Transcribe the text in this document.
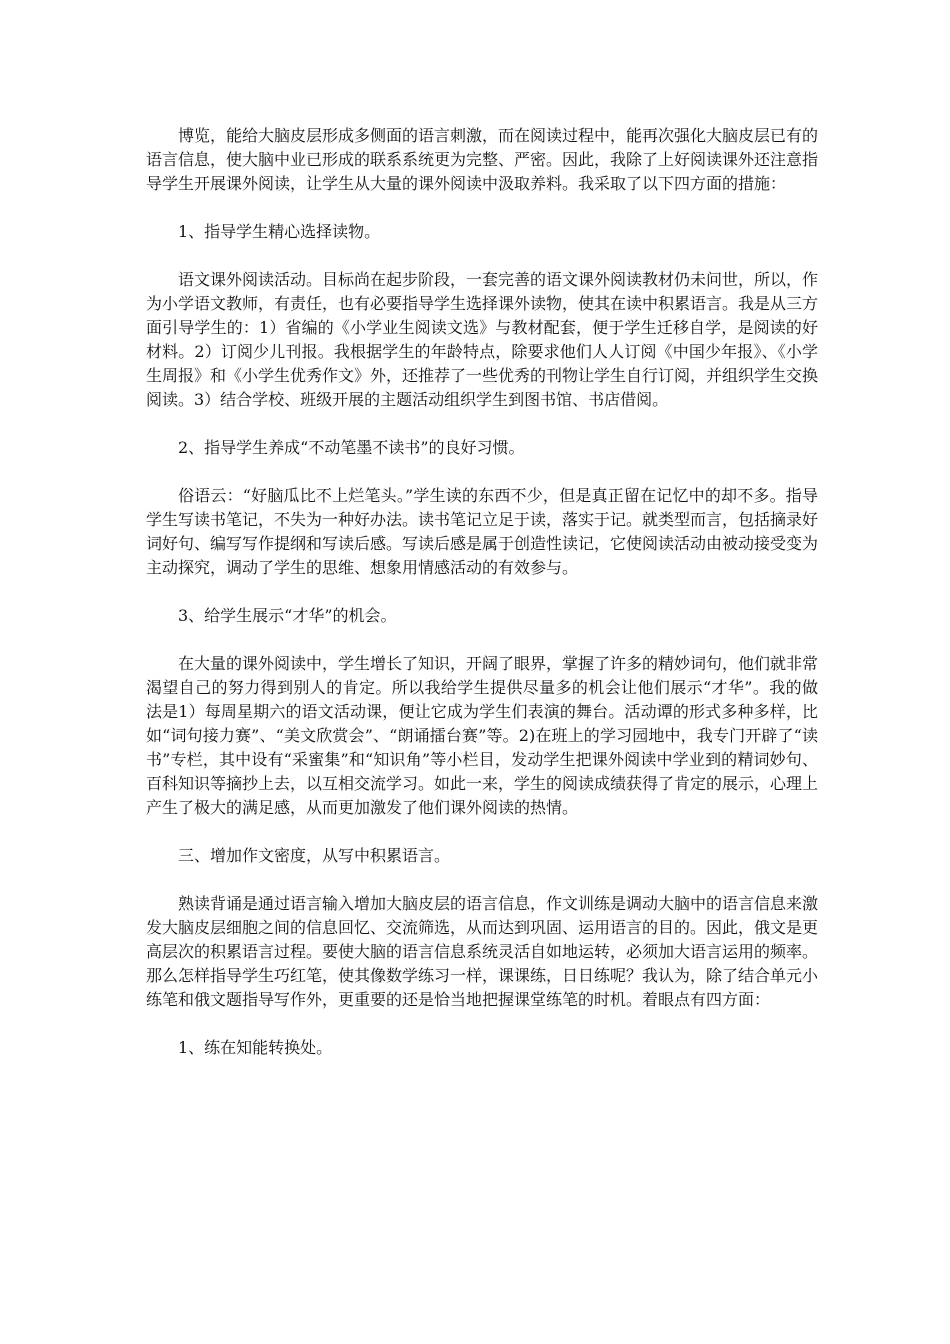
博览，能给大脑皮层形成多侧面的语言刺激，而在阅读过程中，能再次强化大脑皮层已有的语言信息，使大脑中业已形成的联系系统更为完整、严密。因此，我除了上好阅读课外还注意指导学生开展课外阅读，让学生从大量的课外阅读中汲取养料。我采取了以下四方面的措施：

1、指导学生精心选择读物。

语文课外阅读活动。目标尚在起步阶段，一套完善的语文课外阅读教材仍未问世，所以，作为小学语文教师，有责任，也有必要指导学生选择课外读物，使其在读中积累语言。我是从三方面引导学生的：1）省编的《小学业生阅读文选》与教材配套，便于学生迁移自学，是阅读的好材料。2）订阅少儿刊报。我根据学生的年龄特点，除要求他们人人订阅《中国少年报》、《小学生周报》和《小学生优秀作文》外，还推荐了一些优秀的刊物让学生自行订阅，并组织学生交换阅读。3）结合学校、班级开展的主题活动组织学生到图书馆、书店借阅。

2、指导学生养成“不动笔墨不读书”的良好习惯。

俗语云：“好脑瓜比不上烂笔头。”学生读的东西不少，但是真正留在记忆中的却不多。指导学生写读书笔记，不失为一种好办法。读书笔记立足于读，落实于记。就类型而言，包括摘录好词好句、编写写作提纲和写读后感。写读后感是属于创造性读记，它使阅读活动由被动接受变为主动探究，调动了学生的思维、想象用情感活动的有效参与。

3、给学生展示“才华”的机会。

在大量的课外阅读中，学生增长了知识，开阔了眼界，掌握了许多的精妙词句，他们就非常渴望自己的努力得到别人的肯定。所以我给学生提供尽量多的机会让他们展示“才华”。我的做法是1）每周星期六的语文活动课，便让它成为学生们表演的舞台。活动谭的形式多种多样，比如“词句接力赛”、“美文欣赏会”、“朗诵擂台赛”等。2)在班上的学习园地中，我专门开辟了“读书”专栏，其中设有“采蜜集”和“知识角”等小栏目，发动学生把课外阅读中学业到的精词妙句、百科知识等摘抄上去，以互相交流学习。如此一来，学生的阅读成绩获得了肯定的展示，心理上产生了极大的满足感，从而更加激发了他们课外阅读的热情。

三、增加作文密度，从写中积累语言。

熟读背诵是通过语言输入增加大脑皮层的语言信息，作文训练是调动大脑中的语言信息来激发大脑皮层细胞之间的信息回忆、交流筛选，从而达到巩固、运用语言的目的。因此，俄文是更高层次的积累语言过程。要使大脑的语言信息系统灵活自如地运转，必须加大语言运用的频率。那么怎样指导学生巧红笔，使其像数学练习一样，课课练，日日练呢？我认为，除了结合单元小练笔和俄文题指导写作外，更重要的还是恰当地把握课堂练笔的时机。着眼点有四方面：

1、练在知能转换处。
